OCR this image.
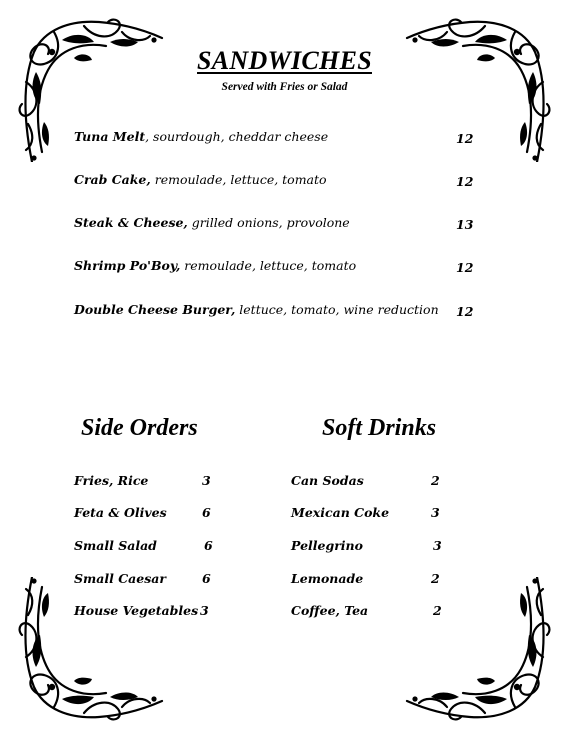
SANDWICHES
Served with Fries or Salad
Tuna Melt, sourdough, cheddar cheese	12
Crab Cake, remoulade, lettuce, tomato	12
Steak & Cheese, grilled onions, provolone	13
Shrimp Po'Boy, remoulade, lettuce, tomato	12
Double Cheese Burger, lettuce, tomato, wine reduction 12
Side Orders
Fries, Rice	3
Feta & Olives	6
Small Salad	6
Small Caesar	6
House Vegetables 3
Soft Drinks
Can Sodas	2
Mexican Coke	3
Pellegrino	3
Lemonade	2
Coffee, Tea	2
